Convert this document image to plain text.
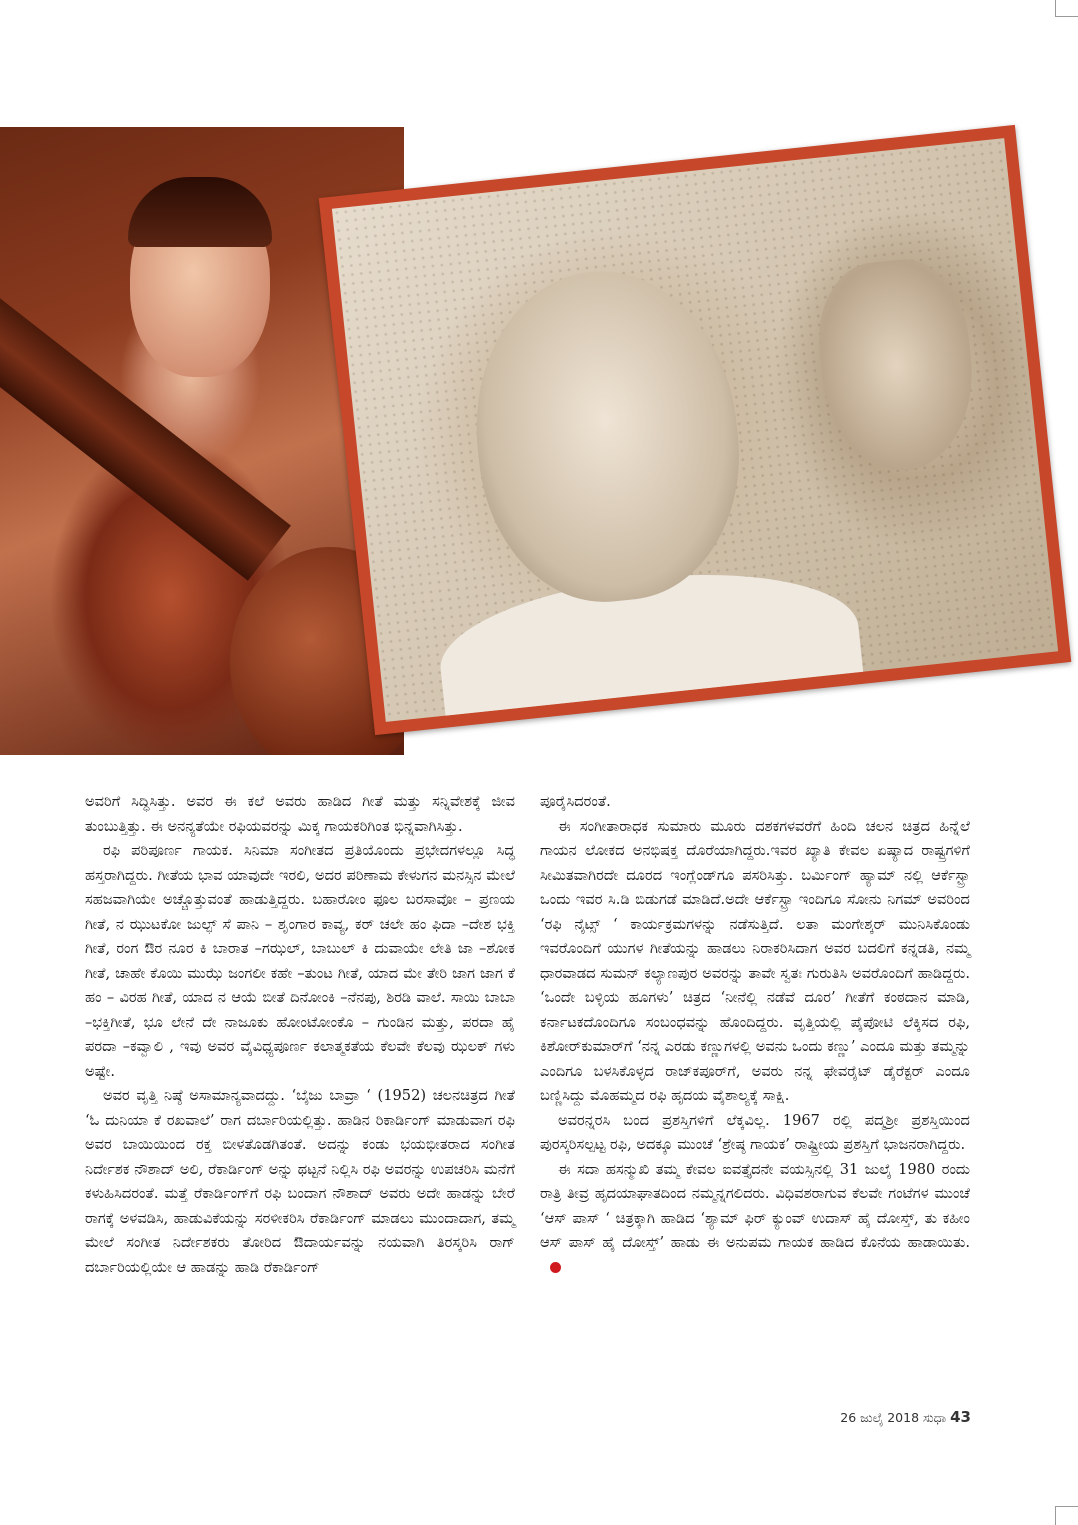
ಅವರಿಗೆ ಸಿದ್ಧಿಸಿತ್ತು. ಅವರ ಈ ಕಲೆ ಅವರು ಹಾಡಿದ ಗೀತೆ ಮತ್ತು ಸನ್ನಿವೇಶಕ್ಕೆ ಜೀವ ತುಂಬುತ್ತಿತ್ತು. ಈ ಅನನ್ಯತೆಯೇ ರಫಿಯವರನ್ನು ಮಿಕ್ಕ ಗಾಯಕರಿಗಿಂತ ಭಿನ್ನವಾಗಿಸಿತ್ತು.

ರಫಿ ಪರಿಪೂರ್ಣ ಗಾಯಕ. ಸಿನಿಮಾ ಸಂಗೀತದ ಪ್ರತಿಯೊಂದು ಪ್ರಭೇದಗಳಲ್ಲೂ ಸಿದ್ಧ ಹಸ್ತರಾಗಿದ್ದರು. ಗೀತೆಯ ಭಾವ ಯಾವುದೇ ಇರಲಿ, ಅದರ ಪರಿಣಾಮ ಕೇಳುಗನ ಮನಸ್ಸಿನ ಮೇಲೆ ಸಹಜವಾಗಿಯೇ ಅಚ್ಚೊತ್ತುವಂತೆ ಹಾಡುತ್ತಿದ್ದರು. ಬಹಾರೋಂ ಫೂಲ ಬರಸಾವೋ – ಪ್ರಣಯ ಗೀತೆ, ನ ಝುಟಕೋ ಜುಲ್ಫ್ ಸೆ ಪಾನಿ – ಶೃಂಗಾರ ಕಾವ್ಯ, ಕರ್ ಚಲೇ ಹಂ ಫಿದಾ –ದೇಶ ಭಕ್ತಿ ಗೀತೆ, ರಂಗ ಔರ ನೂರ ಕಿ ಬಾರಾತ –ಗಝಲ್, ಬಾಬುಲ್ ಕಿ ದುವಾಯೇ ಲೇತಿ ಜಾ –ಶೋಕ ಗೀತೆ, ಚಾಹೇ ಕೊಯಿ ಮುಝೆ ಜಂಗಲೀ ಕಹೇ –ತುಂಟ ಗೀತೆ, ಯಾದ ಮೇ ತೇರಿ ಜಾಗ ಜಾಗ ಕೆ ಹಂ – ವಿರಹ ಗೀತೆ, ಯಾದ ನ ಆಯೆ ಬೀತೆ ದಿನೋಂಕಿ –ನೆನಪು, ಶಿರಡಿ ವಾಲೆ. ಸಾಯಿ ಬಾಬಾ –ಭಕ್ತಿಗೀತೆ, ಭೂ ಲೇನೆ ದೇ ನಾಜೂಕು ಹೋಂಟೋಂಕೊ – ಗುಂಡಿನ ಮತ್ತು, ಪರದಾ ಹೈ ಪರದಾ –ಕವ್ವಾಲಿ , ಇವು ಅವರ ವೈವಿಧ್ಯಪೂರ್ಣ ಕಲಾತ್ಮಕತೆಯ ಕೆಲವೇ ಕೆಲವು ಝಲಕ್ ಗಳು ಅಷ್ಟೇ.

ಅವರ ವೃತ್ತಿ ನಿಷ್ಠೆ ಅಸಾಮಾನ್ಯವಾದದ್ದು. ‘ಬೈಜು ಬಾವ್ರಾ ‘ (1952) ಚಲನಚಿತ್ರದ ಗೀತೆ ‘ಓ ದುನಿಯಾ ಕೆ ರಖವಾಲೆ’ ರಾಗ ದರ್ಬಾರಿಯಲ್ಲಿತ್ತು. ಹಾಡಿನ ರಿಕಾರ್ಡಿಂಗ್ ಮಾಡುವಾಗ ರಫಿ ಅವರ ಬಾಯಿಯಿಂದ ರಕ್ತ ಬೀಳತೊಡಗಿತಂತೆ. ಅದನ್ನು ಕಂಡು ಭಯಭೀತರಾದ ಸಂಗೀತ ನಿರ್ದೇಶಕ ನೌಶಾದ್ ಅಲಿ, ರೆಕಾರ್ಡಿಂಗ್ ಅನ್ನು ಥಟ್ಟನೆ ನಿಲ್ಲಿಸಿ ರಫಿ ಅವರನ್ನು ಉಪಚರಿಸಿ ಮನೆಗೆ ಕಳುಹಿಸಿದರಂತೆ. ಮತ್ತೆ ರೆಕಾರ್ಡಿಂಗ್‌ಗೆ ರಫಿ ಬಂದಾಗ ನೌಶಾದ್ ಅವರು ಅದೇ ಹಾಡನ್ನು ಬೇರೆ ರಾಗಕ್ಕೆ ಅಳವಡಿಸಿ, ಹಾಡುವಿಕೆಯನ್ನು ಸರಳೀಕರಿಸಿ ರೆಕಾರ್ಡಿಂಗ್ ಮಾಡಲು ಮುಂದಾದಾಗ, ತಮ್ಮ ಮೇಲೆ ಸಂಗೀತ ನಿರ್ದೇಶಕರು ತೋರಿದ ಔದಾರ್ಯವನ್ನು ನಯವಾಗಿ ತಿರಸ್ಕರಿಸಿ ರಾಗ್ ದರ್ಬಾರಿಯಲ್ಲಿಯೇ ಆ ಹಾಡನ್ನು ಹಾಡಿ ರೆಕಾರ್ಡಿಂಗ್

ಪೂರೈಸಿದರಂತೆ.

ಈ ಸಂಗೀತಾರಾಧಕ ಸುಮಾರು ಮೂರು ದಶಕಗಳವರೆಗೆ ಹಿಂದಿ ಚಲನ ಚಿತ್ರದ ಹಿನ್ನೆಲೆ ಗಾಯನ ಲೋಕದ ಅನಭಿಷಕ್ತ ದೊರೆಯಾಗಿದ್ದರು.ಇವರ ಖ್ಯಾತಿ ಕೇವಲ ಏಷ್ಯಾದ ರಾಷ್ಟ್ರಗಳಿಗೆ ಸೀಮಿತವಾಗಿರದೇ ದೂರದ ಇಂಗ್ಲೆಂಡ್‌ಗೂ ಪಸರಿಸಿತ್ತು. ಬರ್ಮಿಂಗ್ ಹ್ಯಾಮ್ ನಲ್ಲಿ ಆರ್ಕೆಸ್ಟ್ರಾ ಒಂದು ಇವರ ಸಿ.ಡಿ ಬಿಡುಗಡೆ ಮಾಡಿದೆ.ಅದೇ ಆರ್ಕೆಸ್ಟ್ರಾ ಇಂದಿಗೂ ಸೋನು ನಿಗಮ್ ಅವರಿಂದ ‘ರಫಿ ನೈಟ್ಸ್ ‘ ಕಾರ್ಯಕ್ರಮಗಳನ್ನು ನಡೆಸುತ್ತಿದೆ. ಲತಾ ಮಂಗೇಶ್ಕರ್ ಮುನಿಸಿಕೊಂಡು ಇವರೊಂದಿಗೆ ಯುಗಳ ಗೀತೆಯನ್ನು ಹಾಡಲು ನಿರಾಕರಿಸಿದಾಗ ಅವರ ಬದಲಿಗೆ ಕನ್ನಡತಿ, ನಮ್ಮ ಧಾರವಾಡದ ಸುಮನ್ ಕಲ್ಯಾಣಪುರ ಅವರನ್ನು ತಾವೇ ಸ್ವತಃ ಗುರುತಿಸಿ ಅವರೊಂದಿಗೆ ಹಾಡಿದ್ದರು. ‘ಒಂದೇ ಬಳ್ಳಿಯ ಹೂಗಳು’ ಚಿತ್ರದ ‘ನೀನೆಲ್ಲಿ ನಡೆವೆ ದೂರ’ ಗೀತೆಗೆ ಕಂಠದಾನ ಮಾಡಿ, ಕರ್ನಾಟಕದೊಂದಿಗೂ ಸಂಬಂಧವನ್ನು ಹೊಂದಿದ್ದರು. ವೃತ್ತಿಯಲ್ಲಿ ಪೈಪೋಟಿ ಲೆಕ್ಕಿಸದ ರಫಿ, ಕಿಶೋರ್‌ಕುಮಾರ್‌ಗೆ ‘ನನ್ನ ಎರಡು ಕಣ್ಣುಗಳಲ್ಲಿ ಅವನು ಒಂದು ಕಣ್ಣು’ ಎಂದೂ ಮತ್ತು ತಮ್ಮನ್ನು ಎಂದಿಗೂ ಬಳಸಿಕೊಳ್ಳದ ರಾಜ್‌ಕಪೂರ್‌ಗೆ, ಅವರು ನನ್ನ ಫೇವರೈಟ್ ಡೈರೆಕ್ಟರ್ ಎಂದೂ ಬಣ್ಣಿಸಿದ್ದು ಮೊಹಮ್ಮದ ರಫಿ ಹೃದಯ ವೈಶಾಲ್ಯಕ್ಕೆ ಸಾಕ್ಷಿ.

ಅವರನ್ನರಸಿ ಬಂದ ಪ್ರಶಸ್ತಿಗಳಿಗೆ ಲೆಕ್ಕವಿಲ್ಲ. 1967 ರಲ್ಲಿ ಪದ್ಮಶ್ರೀ ಪ್ರಶಸ್ತಿಯಿಂದ ಪುರಸ್ಕರಿಸಲ್ಪಟ್ಟ ರಫಿ, ಅದಕ್ಕೂ ಮುಂಚೆ ‘ಶ್ರೇಷ್ಠ ಗಾಯಕ’ ರಾಷ್ಟ್ರೀಯ ಪ್ರಶಸ್ತಿಗೆ ಭಾಜನರಾಗಿದ್ದರು.

ಈ ಸದಾ ಹಸನ್ಮುಖಿ ತಮ್ಮ ಕೇವಲ ಐವತ್ತೈದನೇ ವಯಸ್ಸಿನಲ್ಲಿ 31 ಜುಲೈ 1980 ರಂದು ರಾತ್ರಿ ತೀವ್ರ ಹೃದಯಾಘಾತದಿಂದ ನಮ್ಮನ್ನಗಲಿದರು. ವಿಧಿವಶರಾಗುವ ಕೆಲವೇ ಗಂಟೆಗಳ ಮುಂಚೆ ‘ಆಸ್ ಪಾಸ್ ‘ ಚಿತ್ರಕ್ಕಾಗಿ ಹಾಡಿದ ‘ಶ್ಯಾಮ್ ಫಿರ್ ಕ್ಯುಂವ್ ಉದಾಸ್ ಹೈ ದೋಸ್ತ್, ತು ಕಹೀಂ ಆಸ್ ಪಾಸ್ ಹೈ ದೋಸ್ತ್’ ಹಾಡು ಈ ಅನುಪಮ ಗಾಯಕ ಹಾಡಿದ ಕೊನೆಯ ಹಾಡಾಯಿತು.

26 ಜುಲೈ 2018 ಸುಧಾ 43
